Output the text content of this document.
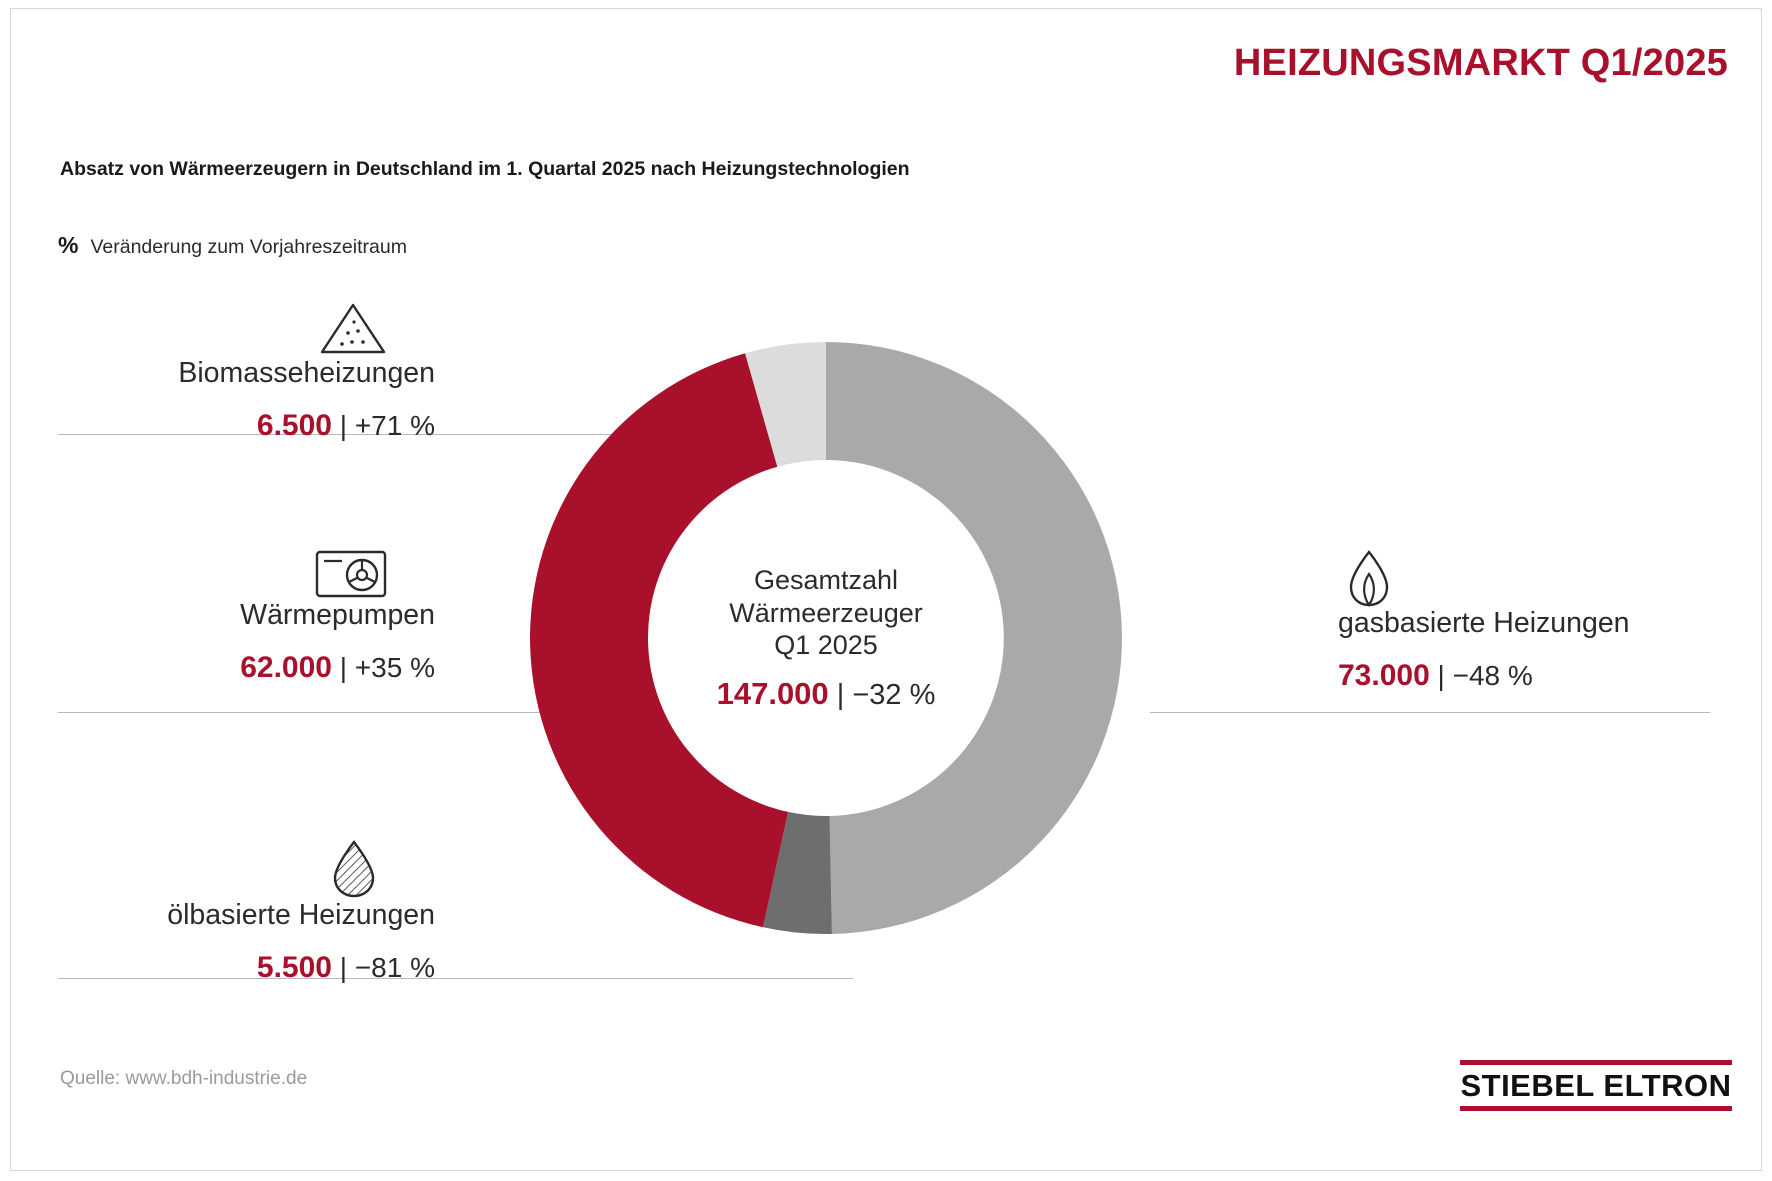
HEIZUNGSMARKT Q1/2025
Absatz von Wärmeerzeugern in Deutschland im 1. Quartal 2025 nach Heizungstechnologien
% Veränderung zum Vorjahreszeitraum
Gesamtzahl
Wärmeerzeuger
Q1 2025
147.000 | −32 %
Biomasseheizungen
6.500 | +71 %
Wärmepumpen
62.000 | +35 %
ölbasierte Heizungen
5.500 | −81 %
gasbasierte Heizungen
73.000 | −48 %
Quelle: www.bdh-industrie.de	STIEBEL ELTRON
